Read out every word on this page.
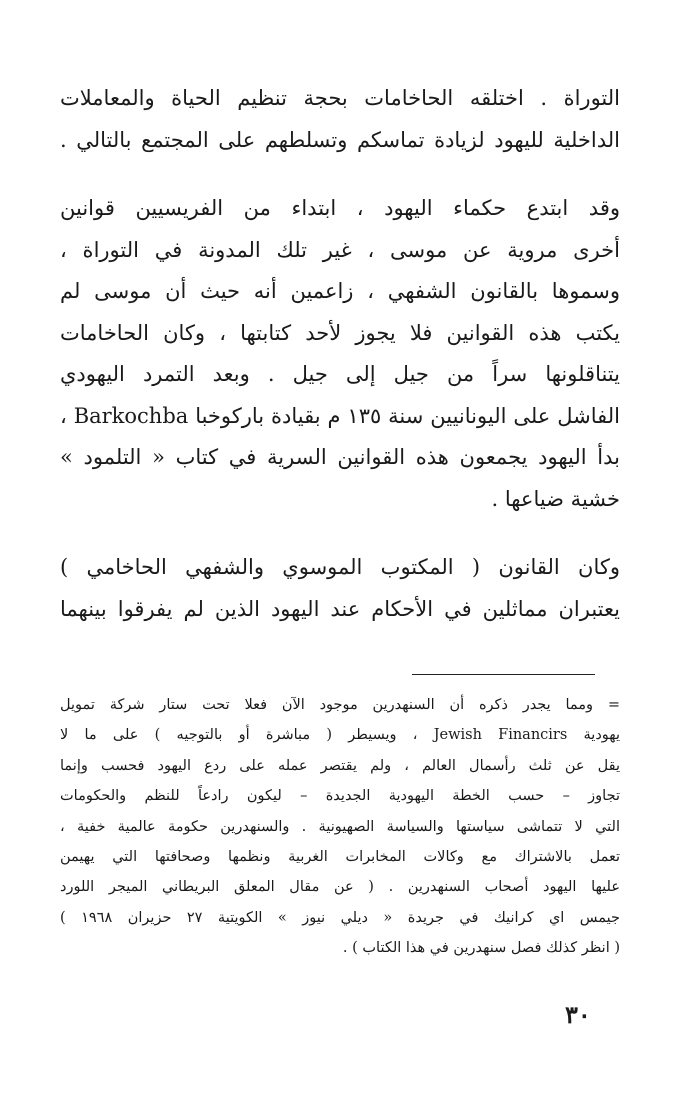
التوراة . اختلقه الحاخامات بحجة تنظيم الحياة والمعاملات
الداخلية لليهود لزيادة تماسكم وتسلطهم على المجتمع بالتالي .
وقد ابتدع حكماء اليهود ، ابتداء من الفريسيين قوانين
أخرى مروية عن موسى ، غير تلك المدونة في التوراة ،
وسموها بالقانون الشفهي ، زاعمين أنه حيث أن موسى لم
يكتب هذه القوانين فلا يجوز لأحد كتابتها ، وكان الحاخامات
يتناقلونها سراً من جيل إلى جيل . وبعد التمرد اليهودي
الفاشل على اليونانيين سنة ١٣٥ م بقيادة باركوخبا Barkochba ،
بدأ اليهود يجمعون هذه القوانين السرية في كتاب « التلمود »
خشية ضياعها .
وكان القانون ( المكتوب الموسوي والشفهي الحاخامي )
يعتبران مماثلين في الأحكام عند اليهود الذين لم يفرقوا بينهما
= ومما يجدر ذكره أن السنهدرين موجود الآن فعلا تحت ستار شركة تمويل
يهودية Jewish Financirs ، ويسيطر ( مباشرة أو بالتوجيه ) على ما لا
يقل عن ثلث رأسمال العالم ، ولم يقتصر عمله على ردع اليهود فحسب وإنما
تجاوز – حسب الخطة اليهودية الجديدة – ليكون رادعاً للنظم والحكومات
التي لا تتماشى سياستها والسياسة الصهيونية . والسنهدرين حكومة عالمية خفية ،
تعمل بالاشتراك مع وكالات المخابرات الغربية ونظمها وصحافتها التي يهيمن
عليها اليهود أصحاب السنهدرين . ( عن مقال المعلق البريطاني الميجر اللورد
جيمس اي كرانيك في جريدة « ديلي نيوز » الكويتية ٢٧ حزيران ١٩٦٨ )
( انظر كذلك فصل سنهدرين في هذا الكتاب ) .
٣٠
